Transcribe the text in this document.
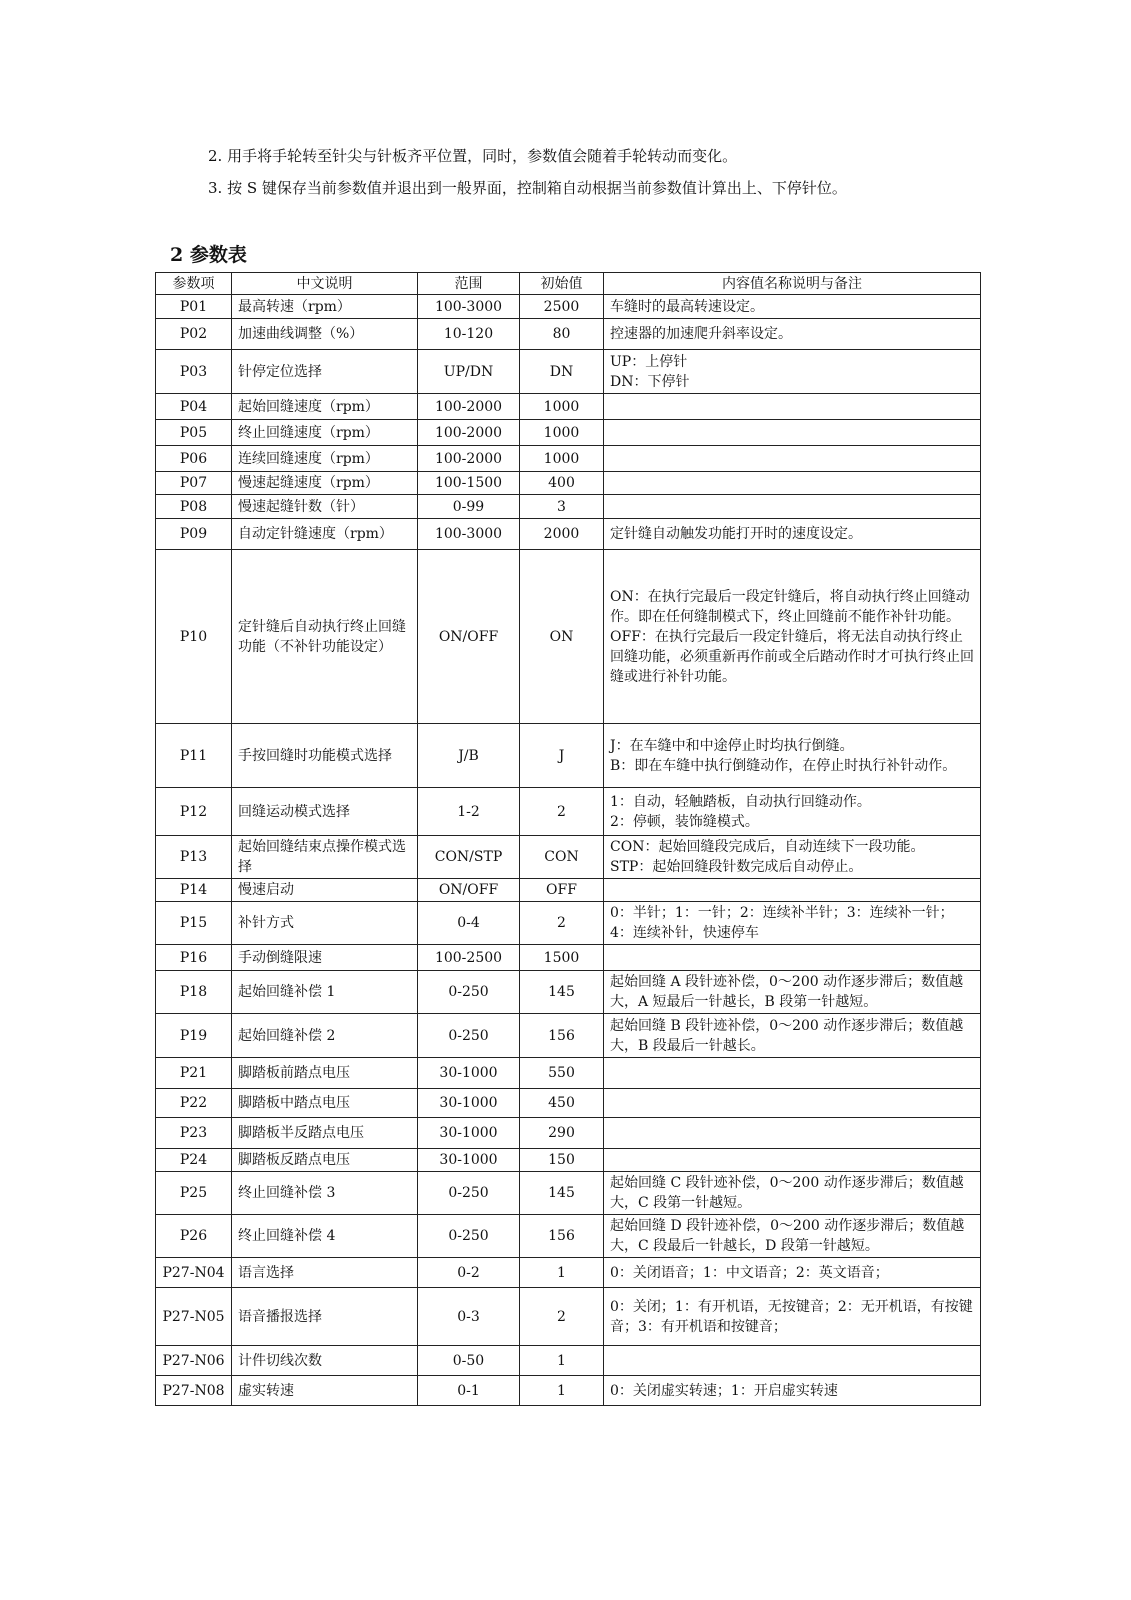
2. 用手将手轮转至针尖与针板齐平位置，同时，参数值会随着手轮转动而变化。

3. 按 S 键保存当前参数值并退出到一般界面，控制箱自动根据当前参数值计算出上、下停针位。

2 参数表
参数项	中文说明	范围	初始值	内容值名称说明与备注
P01	最高转速（rpm）	100-3000	2500	车缝时的最高转速设定。
P02	加速曲线调整（%）	10-120	80	控速器的加速爬升斜率设定。
P03	针停定位选择	UP/DN	DN	UP：上停针
DN：下停针
P04	起始回缝速度（rpm）	100-2000	1000	
P05	终止回缝速度（rpm）	100-2000	1000	
P06	连续回缝速度（rpm）	100-2000	1000	
P07	慢速起缝速度（rpm）	100-1500	400	
P08	慢速起缝针数（针）	0-99	3	
P09	自动定针缝速度（rpm）	100-3000	2000	定针缝自动触发功能打开时的速度设定。
P10	定针缝后自动执行终止回缝功能（不补针功能设定）	ON/OFF	ON	ON：在执行完最后一段定针缝后，将自动执行终止回缝动作。即在任何缝制模式下，终止回缝前不能作补针功能。
OFF：在执行完最后一段定针缝后，将无法自动执行终止回缝功能，必须重新再作前或全后踏动作时才可执行终止回缝或进行补针功能。
P11	手按回缝时功能模式选择	J/B	J	J：在车缝中和中途停止时均执行倒缝。
B：即在车缝中执行倒缝动作，在停止时执行补针动作。
P12	回缝运动模式选择	1-2	2	1：自动，轻触踏板，自动执行回缝动作。
2：停顿，装饰缝模式。
P13	起始回缝结束点操作模式选择	CON/STP	CON	CON：起始回缝段完成后，自动连续下一段功能。
STP：起始回缝段针数完成后自动停止。
P14	慢速启动	ON/OFF	OFF	
P15	补针方式	0-4	2	0：半针；1：一针；2：连续补半针；3：连续补一针；4：连续补针，快速停车
P16	手动倒缝限速	100-2500	1500	
P18	起始回缝补偿 1	0-250	145	起始回缝 A 段针迹补偿，0～200 动作逐步滞后；数值越大，A 短最后一针越长，B 段第一针越短。
P19	起始回缝补偿 2	0-250	156	起始回缝 B 段针迹补偿，0～200 动作逐步滞后；数值越大，B 段最后一针越长。
P21	脚踏板前踏点电压	30-1000	550	
P22	脚踏板中踏点电压	30-1000	450	
P23	脚踏板半反踏点电压	30-1000	290	
P24	脚踏板反踏点电压	30-1000	150	
P25	终止回缝补偿 3	0-250	145	起始回缝 C 段针迹补偿，0～200 动作逐步滞后；数值越大，C 段第一针越短。
P26	终止回缝补偿 4	0-250	156	起始回缝 D 段针迹补偿，0～200 动作逐步滞后；数值越大，C 段最后一针越长，D 段第一针越短。
P27-N04	语言选择	0-2	1	0：关闭语音；1：中文语音；2：英文语音；
P27-N05	语音播报选择	0-3	2	0：关闭；1：有开机语，无按键音；2：无开机语，有按键音；3：有开机语和按键音；
P27-N06	计件切线次数	0-50	1	
P27-N08	虚实转速	0-1	1	0：关闭虚实转速；1：开启虚实转速
